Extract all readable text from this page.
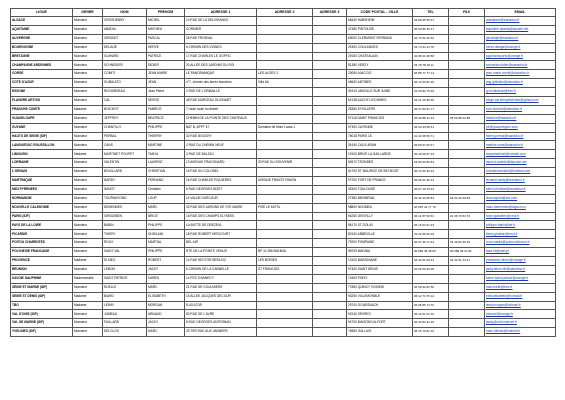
LIGUE	GENRE	NOM	PRENOM	ADRESSE 1	ADRESSE 2	ADRESSE 3	CODE POSTAL - VILLE	TEL	FAX	EMAIL
ALSACE	Monsieur	GROSHENNY	MICHEL	10 RUE DE LA DELIVRANCE			68440 HABSHEIM	03 89 65 55 97		adsalsace@wanadoo.fr
AQUITAINE	Monsieur	ABADIA	MATHIEU	CORMIER			47380 PINTOUSE	05 53 86 36 47		aquitaine.abadia@laposte.net
AUVERGNE	Monsieur	GIRODET	PASCAL	28 RUE FRONVAL			63000 CLERMONT FERRAND	04 73 91 62 62		girodetpb@wanadoo.fr
BOURGOGNE	Monsieur	DELAGE	HERVE	5 CHEMIN DES VIGNES			21500 COULANGES	03 73 44 14 78		herve.delage@orange.fr
BRETAGNE	Monsieur	GUIHARD	PATRICE	17 RUE CHARLES LE GOFFIC			29150 CHATEAULIN	02 98 21 38 58		pguihardsports@orange.fr
CHAMPAGNE ARDENNES	Monsieur	SCHNEIDER	DIDIER	20 ALLEE DES JARDINS DU ROI			51380 VERZY	03 78 78 18 11		schneider.didier@wanadoo.fr
CORSE	Monsieur	COMITI	JEAN MARIE	LE PANORAMIQUE	LES ALOES 2		20090 AJACCIO	06 88 77 77 14		jean-marie.comiti@wanadoo.fr
COTE D'AZUR	Monsieur	GUIBILATO	JEAN	n°7, chemin des terres blanches	Villa 6A		06600 ANTIBES	06 14 60 81 36		jmg.guibilato@wanadoo.fr
ESSONE	Monsieur	RICHARDEAU	Jean Pierre	2 RUE DE L'ORMAILLE			91510 JANVILLE SUR JUINE	01 60 82 75 39		jp.richardeau@free.fr
FLANDRE ARTOIS	Monsieur	CAL	SERGE	48 RUE MARCEAU OLIGNART			62138 AUCHY LES MINES	03 21 25 38 35		serge.cal.kempsitchnikai@gmail.com
FRANCHE COMTE	Madame	BOICHOT	FABRICE	7 route route du désert			25380 EYVILLERS	06 07 80 91 77		club.boichot@wanadoo.fr
GUADELOUPE	Monsieur	JEFFROY	BEATRICE	CHEMIN DE LA POINTE DES CHATEAUX			97118 SAINT FRANCOIS	05 90 88 41 34	05 90 88 43 88	beatrice@wanadoo.fr
GUYANE	Monsieur	CHANTILLY	PHILIPPE	BAT B, APPT 57	Domaine de Mont Lucas 1		97300 CAYENNE	06 94 43 68 31		pfr@groupeegdm.com
HAUTS DE SEINE (IDF)	Monsieur	PERBAL	THIERRY	32 RUE BOUCRY			75018 PARIS 18	01 42 08 59 71		thierry.perbal@wanadoo.fr
LANGUEDOC ROUSSILLON	Monsieur	CANS	MARTINE	2 RUE DU CHEMIN NEUF			34190 CAUX ARAN	06 80 07 06 67		martine.cans@wanadoo.fr
LIMOUSIN	Madame	MARTINET POUPET	TANYA	3 RUE DE BALZAC			19100 BRIVE LA GAILLARDE	06 29 69 67 33		tanyamartinet@hotmail.com
LORRAINE	Monsieur	VALENTIN	LAURENT	13 AVENUE FRAGONARD	30 RUE DU SOUVENIR		54570 TRONDES	03 83 63 80 84		laurent.valentin@laposte.net
L'ORNAIS	Monsieur	BOUILLARD	CHRISTIAN	16 RUE DU COLONEL			61700 ST MAURICE DE BEYNOST	06 14 56 30 23		christianbouillard@hotmail.com
MARTINIQUE	Monsieur	NARDY	FERNAND	16 RUE CHARLES PIQUIERES	AVENUE FRANTZ FANON		97200 FORT DE FRANCE	05 96 61 36 23		fernand.nardy@wanadoo.fr
MIDI PYRENEES	Monsieur	SANOT	Christian	6 RUE GEORGES BIZET			31500 TOULOUSE	06 07 19 79 34		sanot.christian@wanadoo.fr
NORMANDIE	Monsieur	TOURNAYOND	LOUP	14 VALDE DURCOUR			27380 MENNEVAL	03 32 43 05 84	03 32 43 09 84	ltournayond@aol.com
NOUVELLE CALEDONIE	Monsieur	DEMENNES	MARC	32 RUE DES JARDINS DE STE MARIE	PISE LE MOTU		98800 NOUMEA	00 687 42 77 79		marc.demennes@lagoon.nc
PARIS (IDF)	Monsieur	GIRODBIEN	BRICE	15 RUE DES CHAMPS ELYSEES			94250 GENTILLY	06 11 87 50 53	01 36 73 53 76	brice.giardelen@neuf.fr
PAYS DE LA LOIRE	Monsieur	BABIN	PHILIPPE	LA BUTTE DE DREZEUL			56170 ST DOLAY	06 16 63 61 33		philippe.babin@sfr.fr
PICARDIE	Monsieur	THIERY	GHISLAIN	18 RUE ROBERT HERCOURT			80100 ABBEVILLE	03 22 65 60 03		thiery.ghislain@neuf.fr
POITOU CHARENTES	Monsieur	ROUX	MARTIAL	BEL AIR			79200 POMPAINE	06 07 36 71 64	03 49 84 30 29	roux.martial@poitou-telecom.fr
POLYNESIE FRANCAISE	Monsieur	SAINT VAL	PHILIPPE	RTE DE LA POINTE VENUS	BP 11 286 MAHINA		98709 MAHINA	00 689 48 48 84	00 689 48 21 81	tasa-int@mail.pf
PROVENCE	Madame	DI MEO	ROBERT	14 RUE HECTOR BERLIOZ	LES BORIES		13100 MARIGNANE	04 42 61 54 24	04 42 61 13 41	pmadame.dimeo@orange.fr
REUNION	Monsieur	LEBON	JACKY	6 CHEMIN DE LA CANNELLE	ST FRANCOIS		97400 SAINT DENIS	02 62 50 26 28		jacky.lebon.dir@wanadoo.fr
SAVOIE DAUPHINE	Mademoiselle	SAINT PATRICE	KAREN	14 RTE D'ANNECY			74300 POISY			karen.saint-patrice@orange.fr
SEINE ET MARNE (IDF)	Monsieur	RUELLE	MARC	21 RUE DE COULMIERS			77860 QUINCY VOISINS	06 09 92 81 58		marcruelle@free.fr
SEINE ST DENIS (IDF)	Madame	BIARD	ELISABETH	15 ALLEE JACQUES DECOUR			93250 VILLEMONBLE	06 12 74 76 12		eribudsbalette@hotmail.fr
TBO	Madame	LERAY	MORGAN	8 LEUCOR			29700 GOUESNACH	06 86 85 74 70		leray.morgan@hotmail.fr
VAL D'OISE (IDF)	Monsieur	JUMEAU	ARNAUD	83 RUE DE L'AVRE			92240 SEVRES	06 19 51 07 02		jmlarcel@orange.fr
VAL DE MARNE (IDF)	Monsieur	FAILLARD	JACKY	8 RUE GEORGES ANTERNAN			94700 MAISONS ALFORT	06 33 82 94 26		jacky@club-internet.fr
YVELINES (IDF)	Monsieur	DELCLOS	MARC	25 TER RUE AUX VANNERS			78450 GALLUIS	06 15 79 81 10		marc.delclos@hotmail.fr
